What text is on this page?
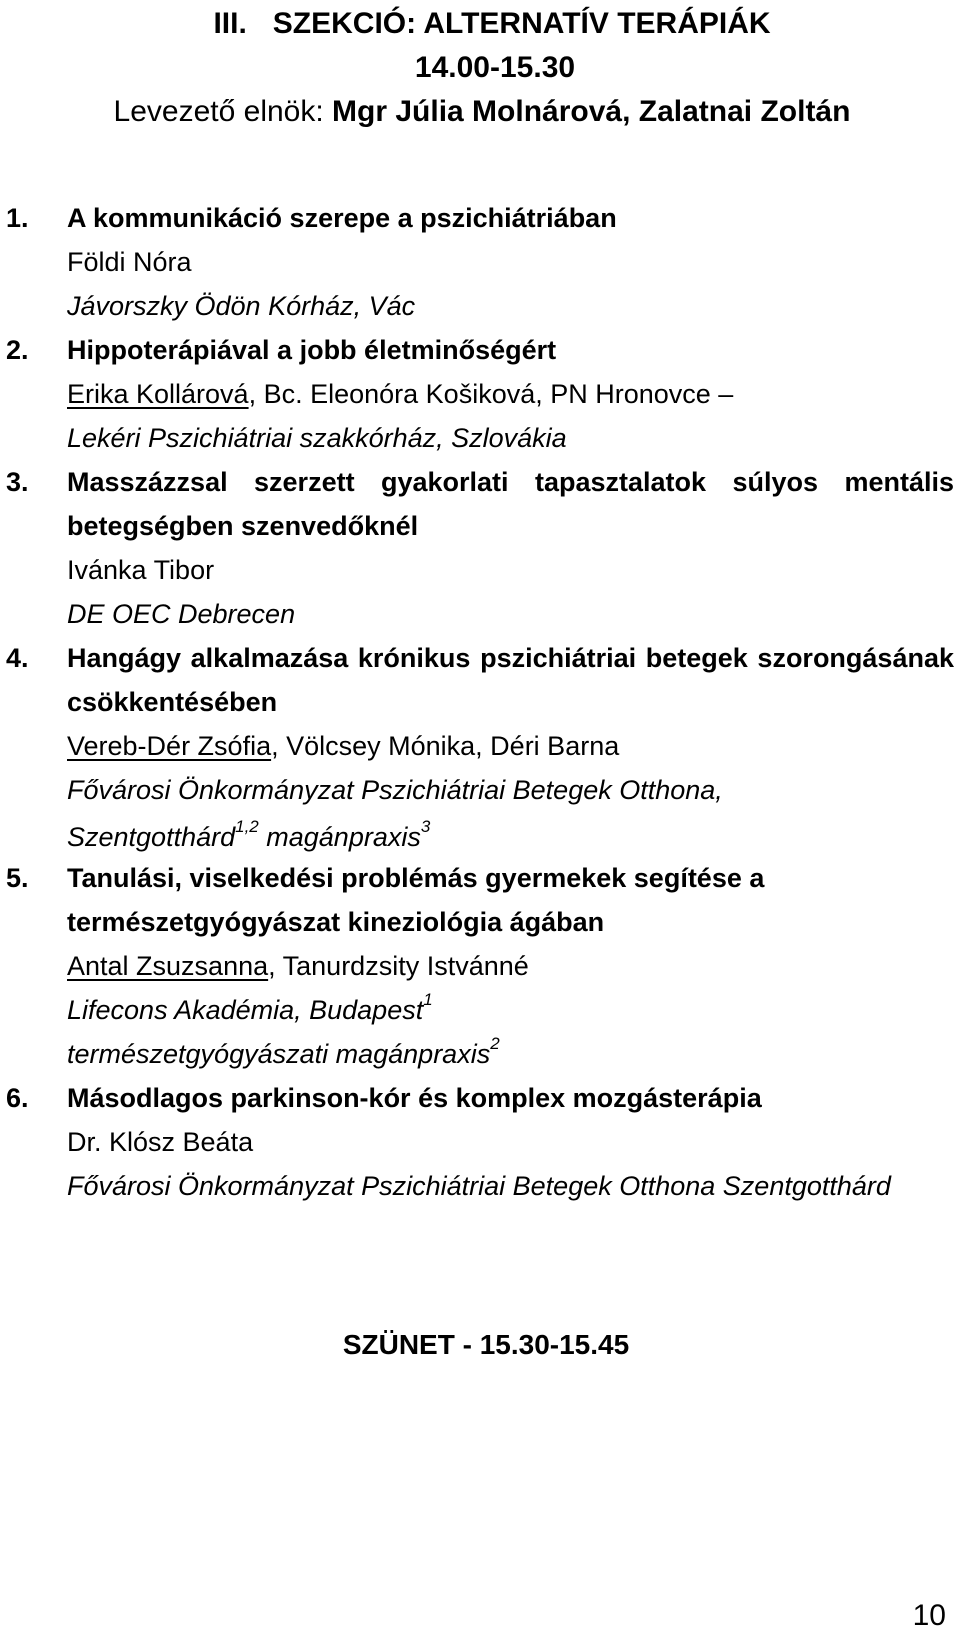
III. SZEKCIÓ: ALTERNATÍV TERÁPIÁK

14.00-15.30

Levezető elnök: Mgr Júlia Molnárová, Zalatnai Zoltán

1. A kommunikáció szerepe a pszichiátriában

Földi Nóra

Jávorszky Ödön Kórház, Vác

2. Hippoterápiával a jobb életminőségért

Erika Kollárová, Bc. Eleonóra Košiková, PN Hronovce –

Lekéri Pszichiátriai szakkórház, Szlovákia

3. Masszázzsal szerzett gyakorlati tapasztalatok súlyos mentális betegségben szenvedőknél

Ivánka Tibor

DE OEC Debrecen

4. Hangágy alkalmazása krónikus pszichiátriai betegek szorongásának csökkentésében

Vereb-Dér Zsófia, Völcsey Mónika, Déri Barna

Fővárosi Önkormányzat Pszichiátriai Betegek Otthona,

Szentgotthárd$^{1,2}$ magánpraxis$^3$

5. Tanulási, viselkedési problémás gyermekek segítése a természetgyógyászat kineziológia ágában

Antal Zsuzsanna, Tanurdzsity Istvánné

Lifecons Akadémia, Budapest$^1$

természetgyógyászati magánpraxis$^2$

6. Másodlagos parkinson-kór és komplex mozgásterápia

Dr. Klósz Beáta

Fővárosi Önkormányzat Pszichiátriai Betegek Otthona Szentgotthárd

SZÜNET - 15.30-15.45
10
